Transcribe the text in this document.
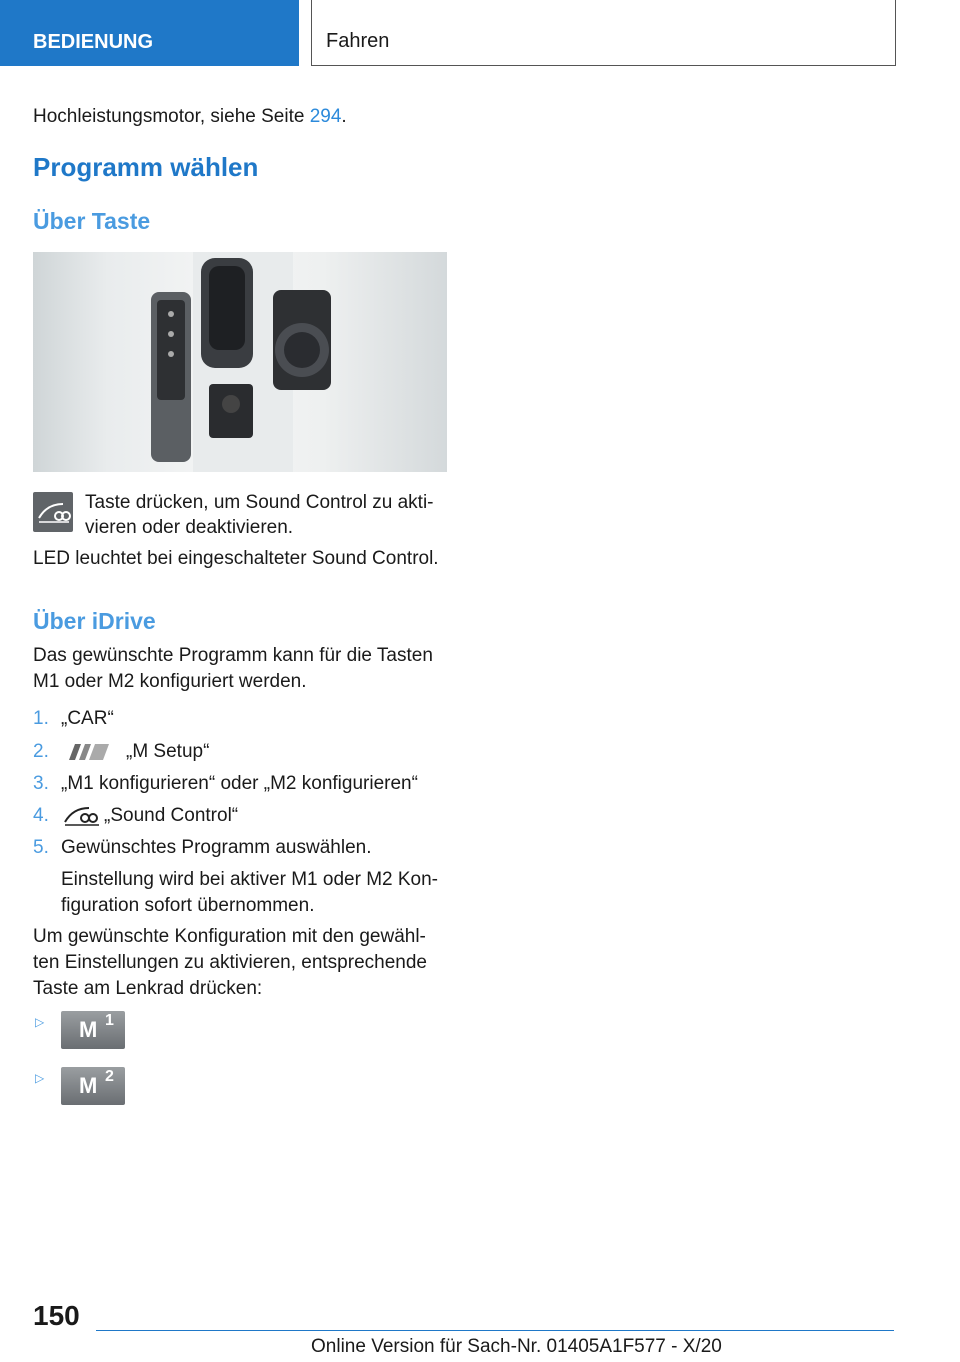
BEDIENUNG	Fahren
Hochleistungsmotor, siehe Seite 294.
Programm wählen
Über Taste
Taste drücken, um Sound Control zu akti-
vieren oder deaktivieren.
LED leuchtet bei eingeschalteter Sound Control.
Über iDrive
Das gewünschte Programm kann für die Tasten
M1 oder M2 konfiguriert werden.
1. „CAR“
2.	„M Setup“
3. „M1 konfigurieren“ oder „M2 konfigurieren“
4.	„Sound Control“
5. Gewünschtes Programm auswählen.
Einstellung wird bei aktiver M1 oder M2 Kon-
figuration sofort übernommen.
Um gewünschte Konfiguration mit den gewähl-
ten Einstellungen zu aktivieren, entsprechende
Taste am Lenkrad drücken:
▷ M 1
▷ M 2
150
Online Version für Sach-Nr. 01405A1F577 - X/20
